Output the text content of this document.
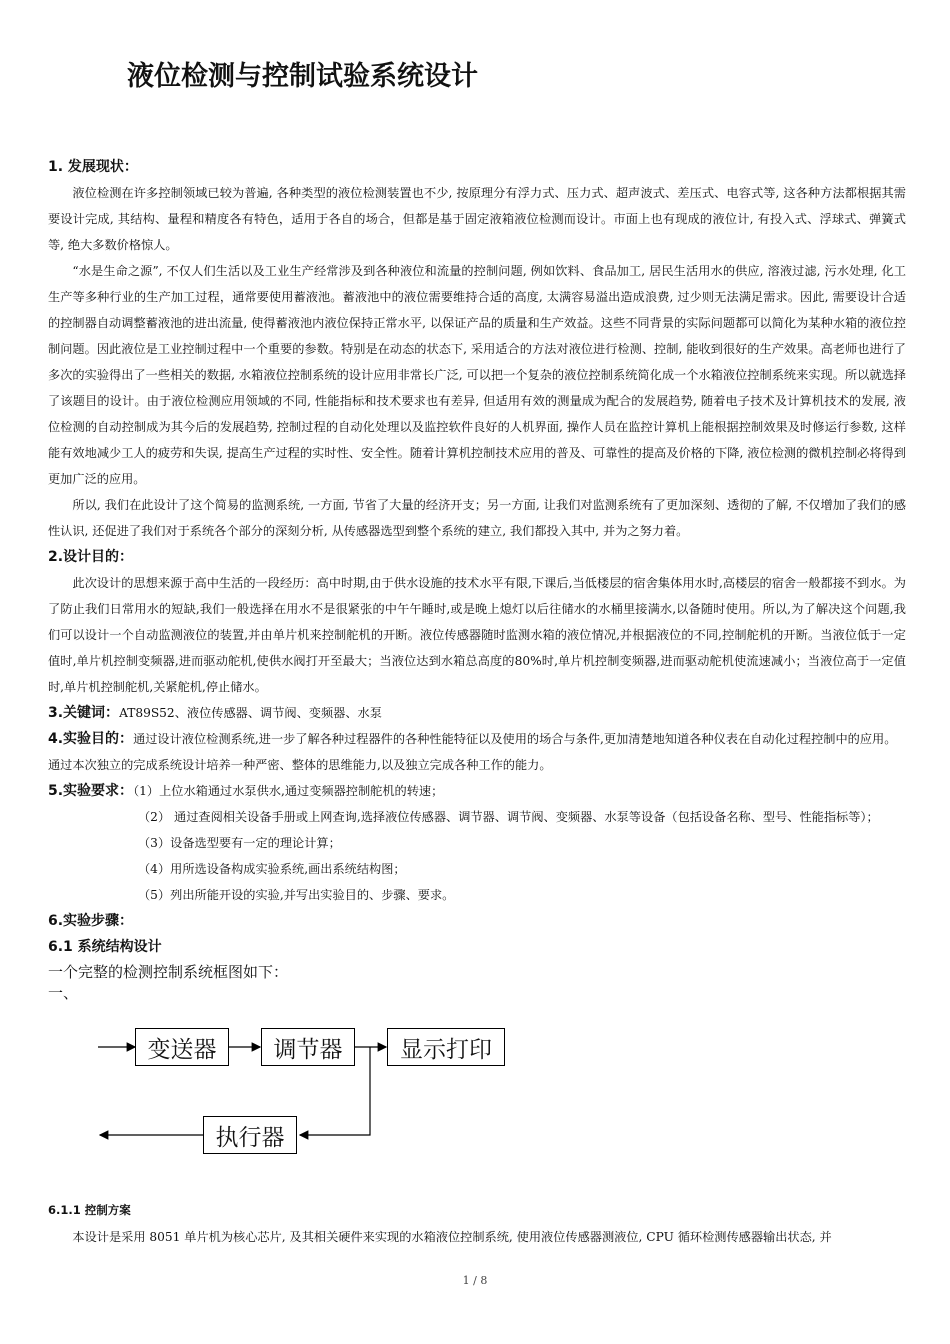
液位检测与控制试验系统设计

1. 发展现状：

液位检测在许多控制领域已较为普遍, 各种类型的液位检测装置也不少, 按原理分有浮力式、压力式、超声波式、差压式、电容式等, 这各种方法都根据其需要设计完成, 其结构、量程和精度各有特色，适用于各自的场合，但都是基于固定液箱液位检测而设计。市面上也有现成的液位计, 有投入式、浮球式、弹簧式等, 绝大多数价格惊人。

“水是生命之源”, 不仅人们生活以及工业生产经常涉及到各种液位和流量的控制问题, 例如饮料、食品加工, 居民生活用水的供应, 溶液过滤, 污水处理, 化工生产等多种行业的生产加工过程，通常要使用蓄液池。蓄液池中的液位需要维持合适的高度, 太满容易溢出造成浪费, 过少则无法满足需求。因此, 需要设计合适的控制器自动调整蓄液池的进出流量, 使得蓄液池内液位保持正常水平, 以保证产品的质量和生产效益。这些不同背景的实际问题都可以简化为某种水箱的液位控制问题。因此液位是工业控制过程中一个重要的参数。特别是在动态的状态下, 采用适合的方法对液位进行检测、控制, 能收到很好的生产效果。高老师也进行了多次的实验得出了一些相关的数据, 水箱液位控制系统的设计应用非常长广泛, 可以把一个复杂的液位控制系统简化成一个水箱液位控制系统来实现。所以就选择了该题目的设计。由于液位检测应用领域的不同, 性能指标和技术要求也有差异, 但适用有效的测量成为配合的发展趋势, 随着电子技术及计算机技术的发展, 液位检测的自动控制成为其今后的发展趋势, 控制过程的自动化处理以及监控软件良好的人机界面, 操作人员在监控计算机上能根据控制效果及时修运行参数, 这样能有效地减少工人的疲劳和失误, 提高生产过程的实时性、安全性。随着计算机控制技术应用的普及、可靠性的提高及价格的下降, 液位检测的微机控制必将得到更加广泛的应用。

所以, 我们在此设计了这个简易的监测系统, 一方面, 节省了大量的经济开支；另一方面, 让我们对监测系统有了更加深刻、透彻的了解, 不仅增加了我们的感性认识, 还促进了我们对于系统各个部分的深刻分析, 从传感器选型到整个系统的建立, 我们都投入其中, 并为之努力着。

2.设计目的：

此次设计的思想来源于高中生活的一段经历：高中时期,由于供水设施的技术水平有限,下课后,当低楼层的宿舍集体用水时,高楼层的宿舍一般都接不到水。为了防止我们日常用水的短缺,我们一般选择在用水不是很紧张的中午午睡时,或是晚上熄灯以后往储水的水桶里接满水,以备随时使用。所以,为了解决这个问题,我们可以设计一个自动监测液位的装置,并由单片机来控制舵机的开断。液位传感器随时监测水箱的液位情况,并根据液位的不同,控制舵机的开断。当液位低于一定值时,单片机控制变频器,进而驱动舵机,使供水阀打开至最大；当液位达到水箱总高度的80%时,单片机控制变频器,进而驱动舵机使流速减小；当液位高于一定值时,单片机控制舵机,关紧舵机,停止储水。

3.关键词：AT89S52、液位传感器、调节阀、变频器、水泵

4.实验目的：通过设计液位检测系统,进一步了解各种过程器件的各种性能特征以及使用的场合与条件,更加清楚地知道各种仪表在自动化过程控制中的应用。通过本次独立的完成系统设计培养一种严密、整体的思维能力,以及独立完成各种工作的能力。

5.实验要求：（1）上位水箱通过水泵供水,通过变频器控制舵机的转速；

（2） 通过查阅相关设备手册或上网查询,选择液位传感器、调节器、调节阀、变频器、水泵等设备（包括设备名称、型号、性能指标等）；

（3）设备选型要有一定的理论计算；

（4）用所选设备构成实验系统,画出系统结构图；

（5）列出所能开设的实验,并写出实验目的、步骤、要求。

6.实验步骤：

6.1 系统结构设计

一个完整的检测控制系统框图如下：

一、

变送器	调节器	显示打印
执行器
6.1.1 控制方案

本设计是采用 8051 单片机为核心芯片, 及其相关硬件来实现的水箱液位控制系统, 使用液位传感器测液位, CPU 循环检测传感器输出状态, 并

1 / 8
